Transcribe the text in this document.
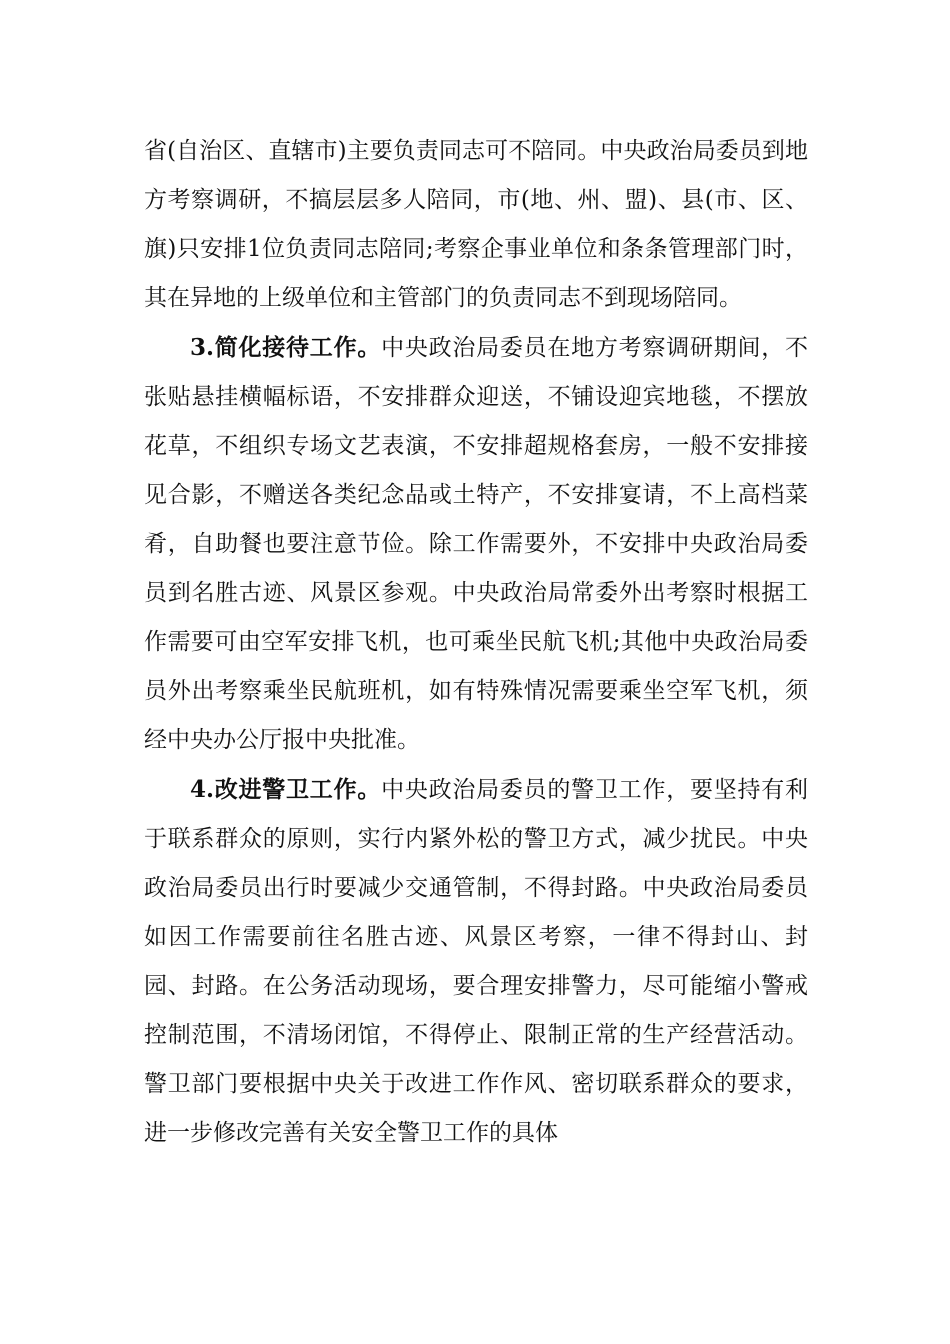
省(自治区、直辖市)主要负责同志可不陪同。中央政治局委员到地方考察调研，不搞层层多人陪同，市(地、州、盟)、县(市、区、旗)只安排1位负责同志陪同;考察企事业单位和条条管理部门时，其在异地的上级单位和主管部门的负责同志不到现场陪同。

3.简化接待工作。中央政治局委员在地方考察调研期间，不张贴悬挂横幅标语，不安排群众迎送，不铺设迎宾地毯，不摆放花草，不组织专场文艺表演，不安排超规格套房，一般不安排接见合影，不赠送各类纪念品或土特产，不安排宴请，不上高档菜肴，自助餐也要注意节俭。除工作需要外，不安排中央政治局委员到名胜古迹、风景区参观。中央政治局常委外出考察时根据工作需要可由空军安排飞机，也可乘坐民航飞机;其他中央政治局委员外出考察乘坐民航班机，如有特殊情况需要乘坐空军飞机，须经中央办公厅报中央批准。

4.改进警卫工作。中央政治局委员的警卫工作，要坚持有利于联系群众的原则，实行内紧外松的警卫方式，减少扰民。中央政治局委员出行时要减少交通管制，不得封路。中央政治局委员如因工作需要前往名胜古迹、风景区考察，一律不得封山、封园、封路。在公务活动现场，要合理安排警力，尽可能缩小警戒控制范围，不清场闭馆，不得停止、限制正常的生产经营活动。警卫部门要根据中央关于改进工作作风、密切联系群众的要求，进一步修改完善有关安全警卫工作的具体
